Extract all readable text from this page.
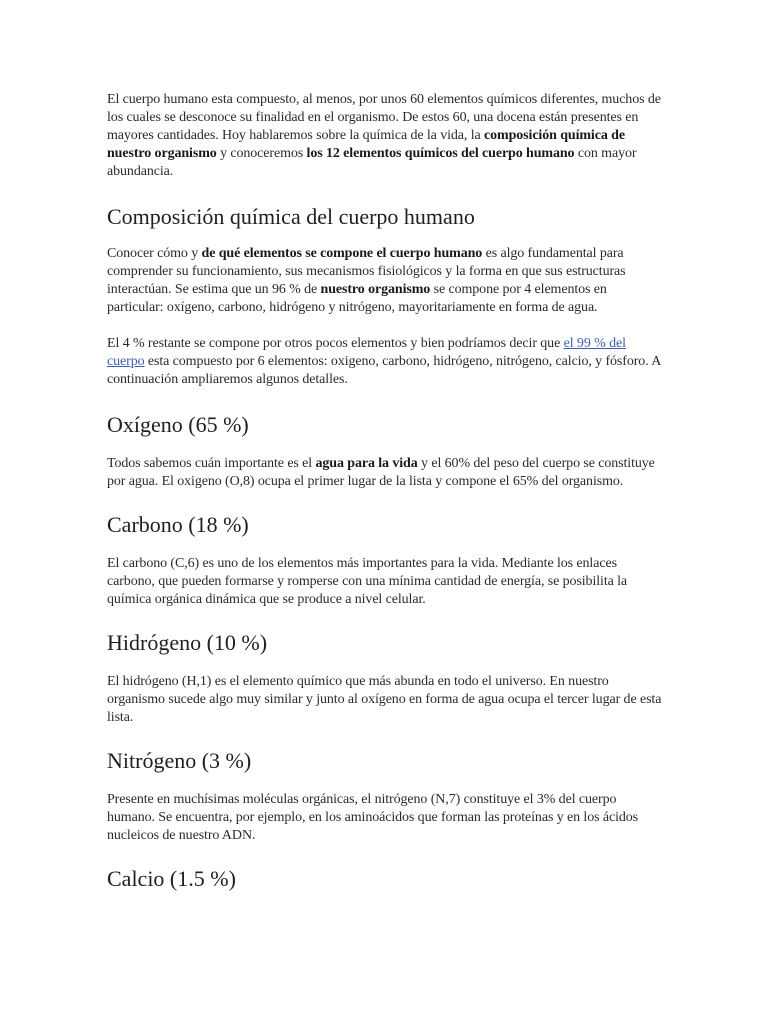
El cuerpo humano esta compuesto, al menos, por unos 60 elementos químicos diferentes, muchos de los cuales se desconoce su finalidad en el organismo. De estos 60, una docena están presentes en mayores cantidades. Hoy hablaremos sobre la química de la vida, la composición química de nuestro organismo y conoceremos los 12 elementos químicos del cuerpo humano con mayor abundancia.

Composición química del cuerpo humano

Conocer cómo y de qué elementos se compone el cuerpo humano es algo fundamental para comprender su funcionamiento, sus mecanismos fisiológicos y la forma en que sus estructuras interactúan. Se estima que un 96 % de nuestro organismo se compone por 4 elementos en particular: oxígeno, carbono, hidrógeno y nitrógeno, mayoritariamente en forma de agua.

El 4 % restante se compone por otros pocos elementos y bien podríamos decir que el 99 % del cuerpo esta compuesto por 6 elementos: oxigeno, carbono, hidrógeno, nitrógeno, calcio, y fósforo. A continuación ampliaremos algunos detalles.

Oxígeno (65 %)

Todos sabemos cuán importante es el agua para la vida y el 60% del peso del cuerpo se constituye por agua. El oxigeno (O,8) ocupa el primer lugar de la lista y compone el 65% del organismo.

Carbono (18 %)

El carbono (C,6) es uno de los elementos más importantes para la vida. Mediante los enlaces carbono, que pueden formarse y romperse con una mínima cantidad de energía, se posibilita la química orgánica dinámica que se produce a nivel celular.

Hidrógeno (10 %)

El hidrógeno (H,1) es el elemento químico que más abunda en todo el universo. En nuestro organismo sucede algo muy similar y junto al oxígeno en forma de agua ocupa el tercer lugar de esta lista.

Nitrógeno (3 %)

Presente en muchísimas moléculas orgánicas, el nitrógeno (N,7) constituye el 3% del cuerpo humano. Se encuentra, por ejemplo, en los aminoácidos que forman las proteínas y en los ácidos nucleicos de nuestro ADN.

Calcio (1.5 %)
